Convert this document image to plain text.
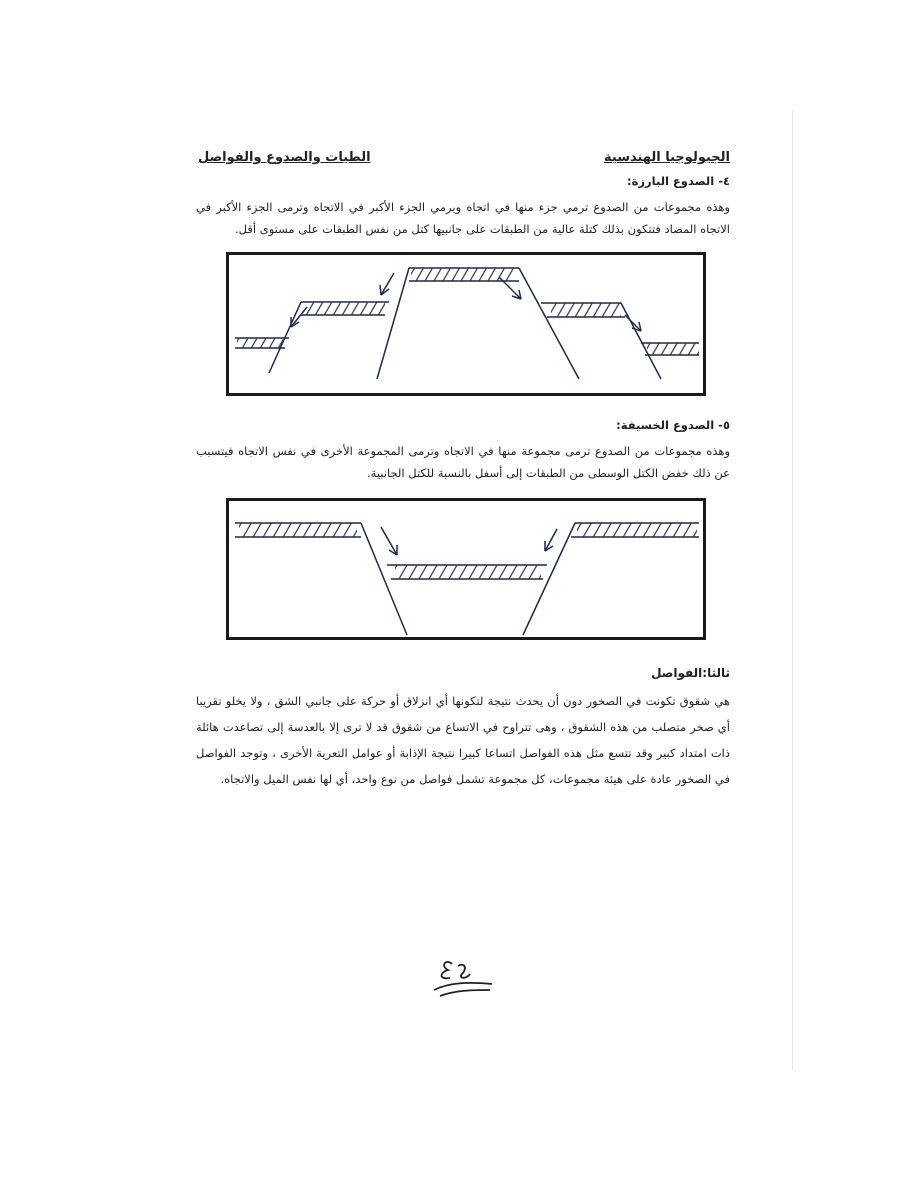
الجيولوجيا الهندسية
الطيات والصدوع والفواصل
٤- الصدوع البارزة:
وهذه مجموعات من الصدوع ترمي جزء منها في اتجاه ويرمي الجزء الأكبر في الاتجاه وترمى الجزء الأكبر في الاتجاه المضاد فتتكون بذلك كتلة عالية من الطبقات على جانبيها كتل من نفس الطبقات على مستوى أقل.
٥- الصدوع الخسيفة:
وهذه مجموعات من الصدوع ترمى مجموعة منها في الاتجاه وترمى المجموعة الأخرى في نفس الاتجاه فيتسبب عن ذلك خفض الكتل الوسطى من الطبقات إلى أسفل بالنسبة للكتل الجانبية.
ثالثا:الفواصل
هي شقوق تكونت في الصخور دون أن يحدث نتيجة لتكونها أي انزلاق أو حركة على جانبي الشق ، ولا يخلو تقريبا أي صخر متصلب من هذه الشقوق ، وهى تتراوح في الاتساع من شقوق قد لا ترى إلا بالعدسة إلى تصاعدت هائلة ذات امتداد كبير وقد تتسع مثل هذه الفواصل اتساعا كبيرا نتيجة الإذابة أو عوامل التعرية الأخرى ، وتوجد الفواصل في الصخور عادة على هيئة مجموعات، كل مجموعة تشمل فواصل من نوع واحد، أي لها نفس الميل والاتجاه.
